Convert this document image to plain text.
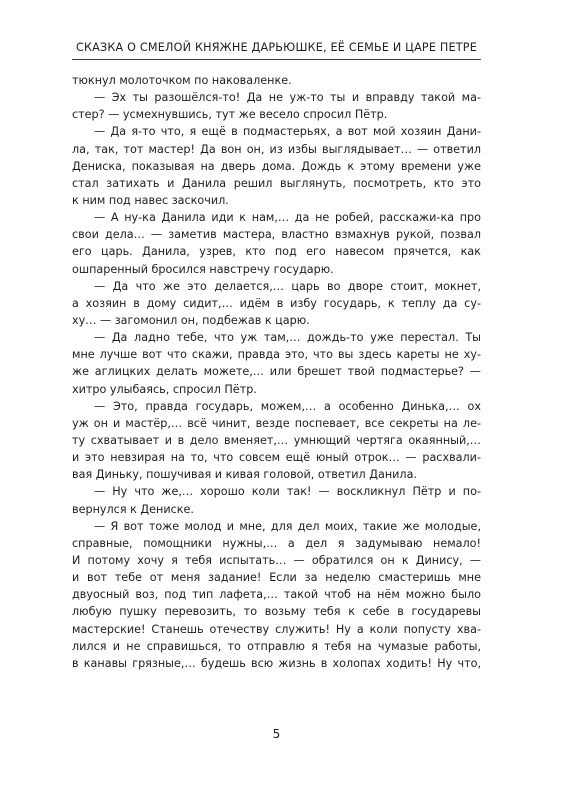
СКАЗКА О СМЕЛОЙ КНЯЖНЕ ДАРЬЮШКЕ, ЕЁ СЕМЬЕ И ЦАРЕ ПЕТРЕ
тюкнул молоточком по наковаленке.
— Эх ты разошёлся-то! Да не уж-то ты и вправду такой ма-
стер? — усмехнувшись, тут же весело спросил Пётр.
— Да я-то что, я ещё в подмастерьях, а вот мой хозяин Дани-
ла, так, тот мастер! Да вон он, из избы выглядывает… — ответил
Дениска, показывая на дверь дома. Дождь к этому времени уже
стал затихать и Данила решил выглянуть, посмотреть, кто это
к ним под навес заскочил.
— А ну-ка Данила иди к нам,… да не робей, расскажи-ка про
свои дела… — заметив мастера, властно взмахнув рукой, позвал
его царь. Данила, узрев, кто под его навесом прячется, как
ошпаренный бросился навстречу государю.
— Да что же это делается,… царь во дворе стоит, мокнет,
а хозяин в дому сидит,… идём в избу государь, к теплу да су-
ху… — загомонил он, подбежав к царю.
— Да ладно тебе, что уж там,… дождь-то уже перестал. Ты
мне лучше вот что скажи, правда это, что вы здесь кареты не ху-
же аглицких делать можете,… или брешет твой подмастерье? —
хитро улыбаясь, спросил Пётр.
— Это, правда государь, можем,… а особенно Динька,… ох
уж он и мастёр,… всё чинит, везде поспевает, все секреты на ле-
ту схватывает и в дело вменяет,… умнющий чертяга окаянный,…
и это невзирая на то, что совсем ещё юный отрок… — расхвали-
вая Диньку, пошучивая и кивая головой, ответил Данила.
— Ну что же,… хорошо коли так! — воскликнул Пётр и по-
вернулся к Дениске.
— Я вот тоже молод и мне, для дел моих, такие же молодые,
справные, помощники нужны,… а дел я задумываю немало!
И потому хочу я тебя испытать… — обратился он к Динису, —
и вот тебе от меня задание! Если за неделю смастеришь мне
двуосный воз, под тип лафета,… такой чтоб на нём можно было
любую пушку перевозить, то возьму тебя к себе в государевы
мастерские! Станешь отечеству служить! Ну а коли попусту хва-
лился и не справишься, то отправлю я тебя на чумазые работы,
в канавы грязные,… будешь всю жизнь в холопах ходить! Ну что,
5
